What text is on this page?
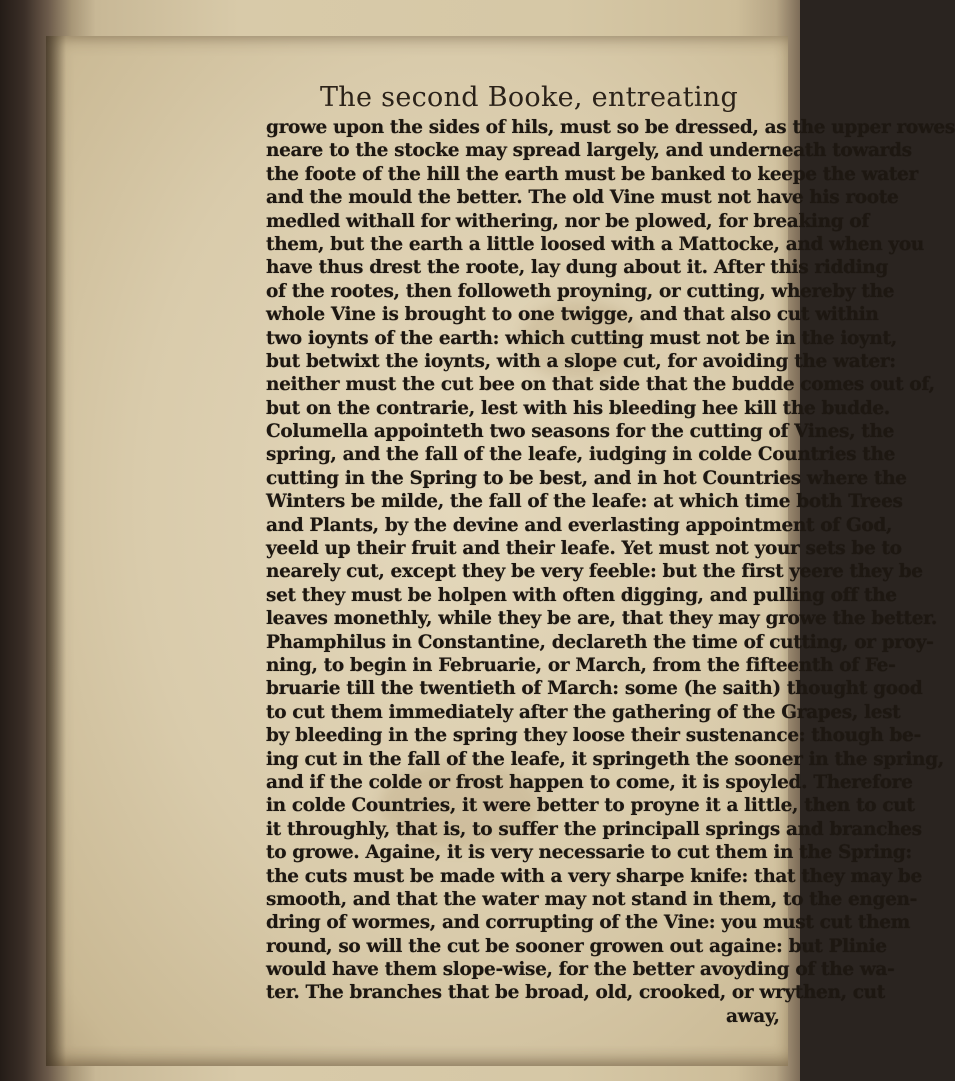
The second Booke, entreating
growe upon the sides of hils, must so be dressed, as the upper rowes
neare to the stocke may spread largely, and underneath towards
the foote of the hill the earth must be banked to keepe the water
and the mould the better. The old Vine must not have his roote
medled withall for withering, nor be plowed, for breaking of
them, but the earth a little loosed with a Mattocke, and when you
have thus drest the roote, lay dung about it. After this ridding
of the rootes, then followeth proyning, or cutting, whereby the
whole Vine is brought to one twigge, and that also cut within
two ioynts of the earth: which cutting must not be in the ioynt,
but betwixt the ioynts, with a slope cut, for avoiding the water:
neither must the cut bee on that side that the budde comes out of,
but on the contrarie, lest with his bleeding hee kill the budde.
Columella appointeth two seasons for the cutting of Vines, the
spring, and the fall of the leafe, iudging in colde Countries the
cutting in the Spring to be best, and in hot Countries where the
Winters be milde, the fall of the leafe: at which time both Trees
and Plants, by the devine and everlasting appointment of God,
yeeld up their fruit and their leafe. Yet must not your sets be to
nearely cut, except they be very feeble: but the first yeere they be
set they must be holpen with often digging, and pulling off the
leaves monethly, while they be are, that they may growe the better.
Phamphilus in Constantine, declareth the time of cutting, or proy-
ning, to begin in Februarie, or March, from the fifteenth of Fe-
bruarie till the twentieth of March: some (he saith) thought good
to cut them immediately after the gathering of the Grapes, lest
by bleeding in the spring they loose their sustenance: though be-
ing cut in the fall of the leafe, it springeth the sooner in the spring,
and if the colde or frost happen to come, it is spoyled. Therefore
in colde Countries, it were better to proyne it a little, then to cut
it throughly, that is, to suffer the principall springs and branches
to growe. Againe, it is very necessarie to cut them in the Spring:
the cuts must be made with a very sharpe knife: that they may be
smooth, and that the water may not stand in them, to the engen-
dring of wormes, and corrupting of the Vine: you must cut them
round, so will the cut be sooner growen out againe: but Plinie
would have them slope-wise, for the better avoyding of the wa-
ter. The branches that be broad, old, crooked, or wrythen, cut
away,
